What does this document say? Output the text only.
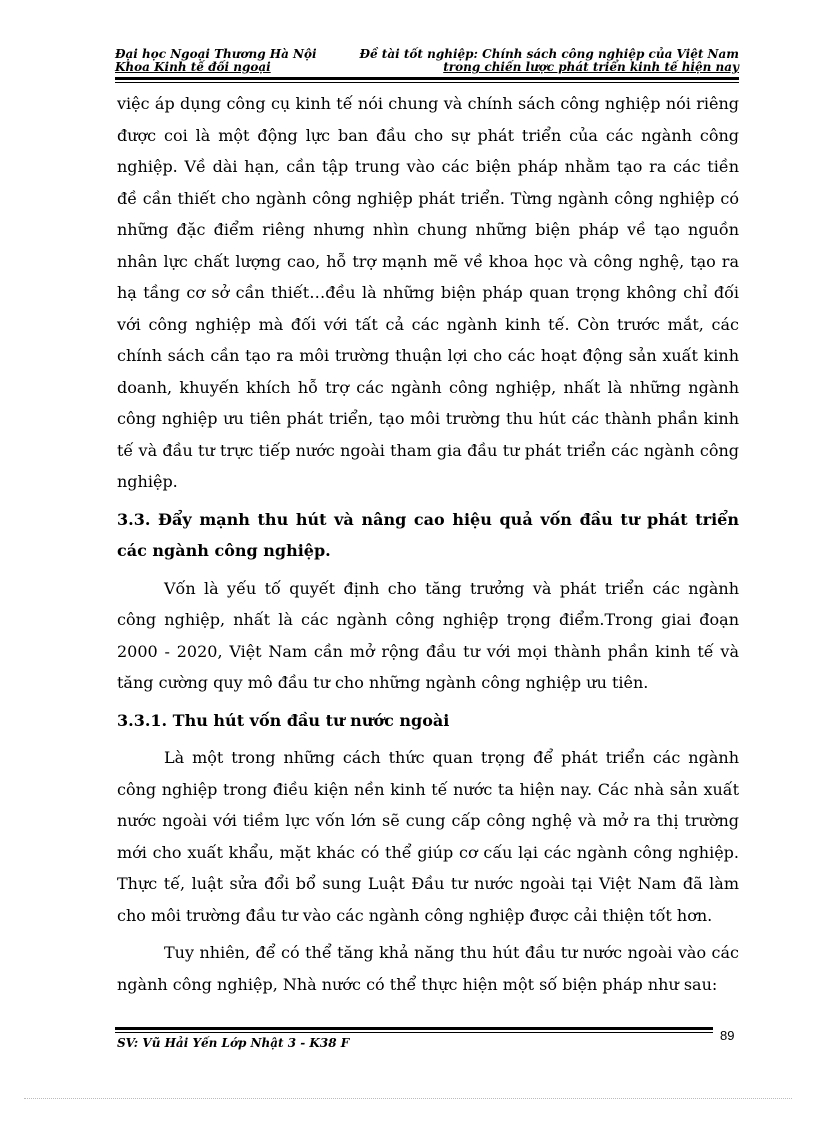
Đại học Ngoại Thương Hà Nội
Khoa Kinh tế đối ngoại
Đề tài tốt nghiệp: Chính sách công nghiệp của Việt Nam
trong chiến lược phát triển kinh tế hiện nay

việc áp dụng công cụ kinh tế nói chung và chính sách công nghiệp nói riêng được coi là một động lực ban đầu cho sự phát triển của các ngành công nghiệp. Về dài hạn, cần tập trung vào các biện pháp nhằm tạo ra các tiền đề cần thiết cho ngành công nghiệp phát triển. Từng ngành công nghiệp có những đặc điểm riêng nhưng nhìn chung những biện pháp về tạo nguồn nhân lực chất lượng cao, hỗ trợ mạnh mẽ về khoa học và công nghệ, tạo ra hạ tầng cơ sở cần thiết…đều là những biện pháp quan trọng không chỉ đối với công nghiệp mà đối với tất cả các ngành kinh tế. Còn trước mắt, các chính sách cần tạo ra môi trường thuận lợi cho các hoạt động sản xuất kinh doanh, khuyến khích hỗ trợ các ngành công nghiệp, nhất là những ngành công nghiệp ưu tiên phát triển, tạo môi trường thu hút các thành phần kinh tế và đầu tư trực tiếp nước ngoài tham gia đầu tư phát triển các ngành công nghiệp.

3.3. Đẩy mạnh thu hút và nâng cao hiệu quả vốn đầu tư phát triển các ngành công nghiệp.

Vốn là yếu tố quyết định cho tăng trưởng và phát triển các ngành công nghiệp, nhất là các ngành công nghiệp trọng điểm.Trong giai đoạn 2000 - 2020, Việt Nam cần mở rộng đầu tư với mọi thành phần kinh tế và tăng cường quy mô đầu tư cho những ngành công nghiệp ưu tiên.

3.3.1. Thu hút vốn đầu tư nước ngoài

Là một trong những cách thức quan trọng để phát triển các ngành công nghiệp trong điều kiện nền kinh tế nước ta hiện nay. Các nhà sản xuất nước ngoài với tiềm lực vốn lớn sẽ cung cấp công nghệ và mở ra thị trường mới cho xuất khẩu, mặt khác có thể giúp cơ cấu lại các ngành công nghiệp. Thực tế, luật sửa đổi bổ sung Luật Đầu tư nước ngoài tại Việt Nam đã làm cho môi trường đầu tư vào các ngành công nghiệp được cải thiện tốt hơn.

Tuy nhiên, để có thể tăng khả năng thu hút đầu tư nước ngoài vào các ngành công nghiệp, Nhà nước có thể thực hiện một số biện pháp như sau:

SV: Vũ Hải Yến Lớp Nhật 3 - K38 F	89
